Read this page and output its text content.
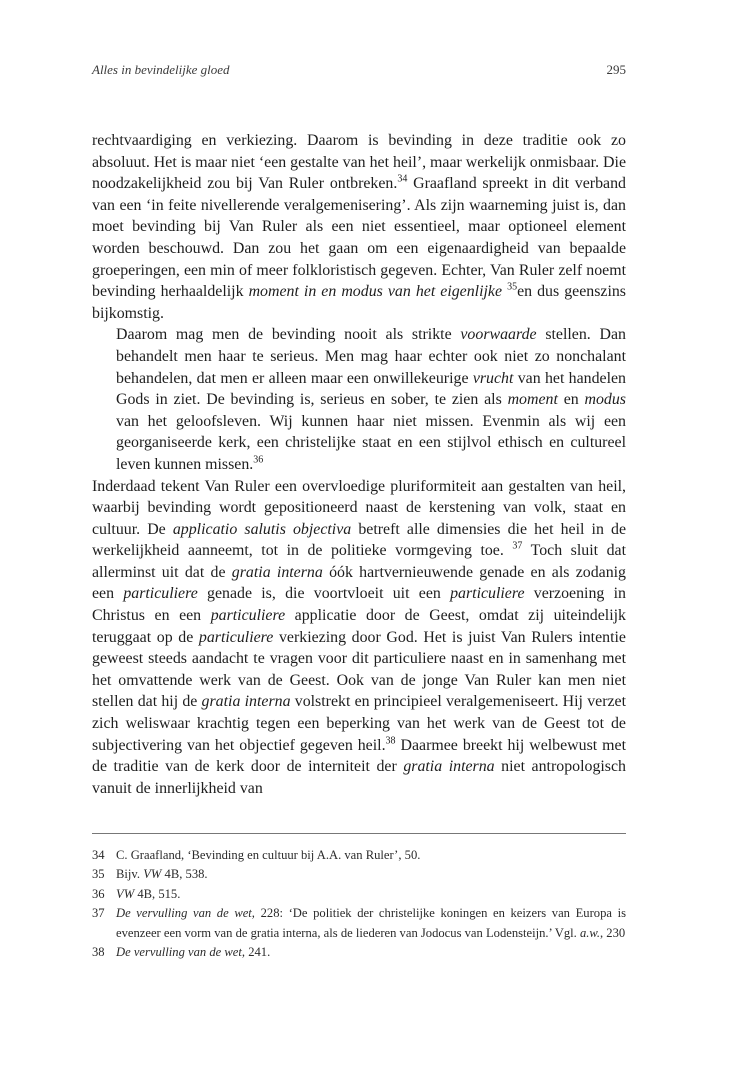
Alles in bevindelijke gloed	295

rechtvaardiging en verkiezing. Daarom is bevinding in deze traditie ook zo absoluut. Het is maar niet ‘een gestalte van het heil’, maar werkelijk onmisbaar. Die noodzakelijkheid zou bij Van Ruler ontbreken.$^{34}$ Graafland spreekt in dit verband van een ‘in feite nivellerende veralgemenisering’. Als zijn waarneming juist is, dan moet bevinding bij Van Ruler als een niet essentieel, maar optioneel element worden beschouwd. Dan zou het gaan om een eigenaardigheid van bepaalde groeperingen, een min of meer folkloristisch gegeven. Echter, Van Ruler zelf noemt bevinding herhaaldelijk moment in en modus van het eigenlijke $^{35}$en dus geenszins bijkomstig.

Daarom mag men de bevinding nooit als strikte voorwaarde stellen. Dan behandelt men haar te serieus. Men mag haar echter ook niet zo nonchalant behandelen, dat men er alleen maar een onwillekeurige vrucht van het handelen Gods in ziet. De bevinding is, serieus en sober, te zien als moment en modus van het geloofsleven. Wij kunnen haar niet missen. Evenmin als wij een georganiseerde kerk, een christelijke staat en een stijlvol ethisch en cultureel leven kunnen missen.$^{36}$

Inderdaad tekent Van Ruler een overvloedige pluriformiteit aan gestalten van heil, waarbij bevinding wordt gepositioneerd naast de kerstening van volk, staat en cultuur. De applicatio salutis objectiva betreft alle dimensies die het heil in de werkelijkheid aanneemt, tot in de politieke vormgeving toe. $^{37}$ Toch sluit dat allerminst uit dat de gratia interna óók hartvernieuwende genade en als zodanig een particuliere genade is, die voortvloeit uit een particuliere verzoening in Christus en een particuliere applicatie door de Geest, omdat zij uiteindelijk teruggaat op de particuliere verkiezing door God. Het is juist Van Rulers intentie geweest steeds aandacht te vragen voor dit particuliere naast en in samenhang met het omvattende werk van de Geest. Ook van de jonge Van Ruler kan men niet stellen dat hij de gratia interna volstrekt en principieel veralgemeniseert. Hij verzet zich weliswaar krachtig tegen een beperking van het werk van de Geest tot de subjectivering van het objectief gegeven heil.$^{38}$ Daarmee breekt hij welbewust met de traditie van de kerk door de interniteit der gratia interna niet antropologisch vanuit de innerlijkheid van

34 C. Graafland, ‘Bevinding en cultuur bij A.A. van Ruler’, 50.
35 Bijv. VW 4B, 538.
36 VW 4B, 515.
37 De vervulling van de wet, 228: ‘De politiek der christelijke koningen en keizers van Europa is evenzeer een vorm van de gratia interna, als de liederen van Jodocus van Lodensteijn.’ Vgl. a.w., 230
38 De vervulling van de wet, 241.
